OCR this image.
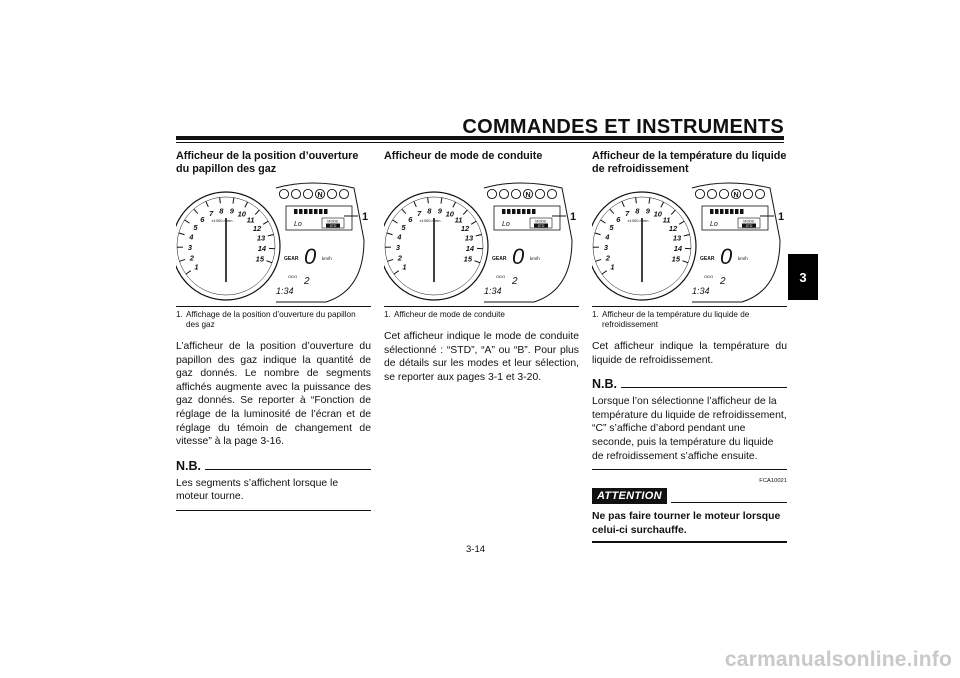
COMMANDES ET INSTRUMENTS
3
Afficheur de la position d’ouverture du papillon des gaz
1
2
3
4
5
6
7 8 9 10
11
12
13
14
15
x1000 r/min
N
Lo	MODE
STD
GEAR 0 km/h
ODO 2
1:34
1
1. Affichage de la position d’ouverture du papillon des gaz

L’afficheur de la position d’ouverture du papillon des gaz indique la quantité de gaz donnés. Le nombre de segments affichés augmente avec la puissance des gaz donnés. Se reporter à “Fonction de réglage de la luminosité de l’écran et de réglage du témoin de changement de vitesse” à la page 3-16.

N.B.

Les segments s’affichent lorsque le moteur tourne.

Afficheur de mode de conduite
1
2
3
4
5
6
7 8 9 10
11
12
13
14
15
x1000 r/min
N
Lo	MODE
STD
GEAR 0 km/h
ODO 2
1:34
1
1. Afficheur de mode de conduite

Cet afficheur indique le mode de conduite sélectionné : “STD”, “A” ou “B”. Pour plus de détails sur les modes et leur sélection, se reporter aux pages 3-1 et 3-20.

Afficheur de la température du liquide de refroidissement
1
2
3
4
5
6
7 8 9 10
11
12
13
14
15
x1000 r/min
N
Lo	MODE
STD
GEAR 0 km/h
ODO 2
1:34
1
1. Afficheur de la température du liquide de refroidissement

Cet afficheur indique la température du liquide de refroidissement.

N.B.

Lorsque l’on sélectionne l’afficheur de la température du liquide de refroidissement, “C” s’affiche d’abord pendant une seconde, puis la température du liquide de refroidissement s’affiche ensuite.

FCA10021
ATTENTION

Ne pas faire tourner le moteur lorsque celui-ci surchauffe.

3-14
carmanualsonline.info
